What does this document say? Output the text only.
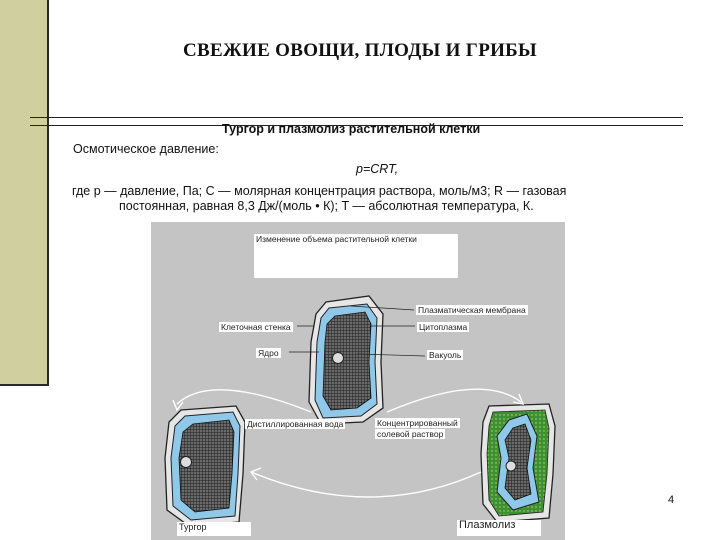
СВЕЖИЕ ОВОЩИ, ПЛОДЫ И ГРИБЫ
Тургор и плазмолиз растительной клетки
Осмотическое давление:
p=CRT,
где p — давление, Па; C — молярная концентрация раствора, моль/м3; R — газовая
постоянная, равная 8,3 Дж/(моль • К); T — абсолютная температура, К.
Изменение объема растительной клетки
Плазматическая мембрана
Клеточная стенка	Цитоплазма
Ядро	Вакуоль
Дистиллированная вода	Концентрированный
солевой раствор
Тургор	Плазмолиз
4
